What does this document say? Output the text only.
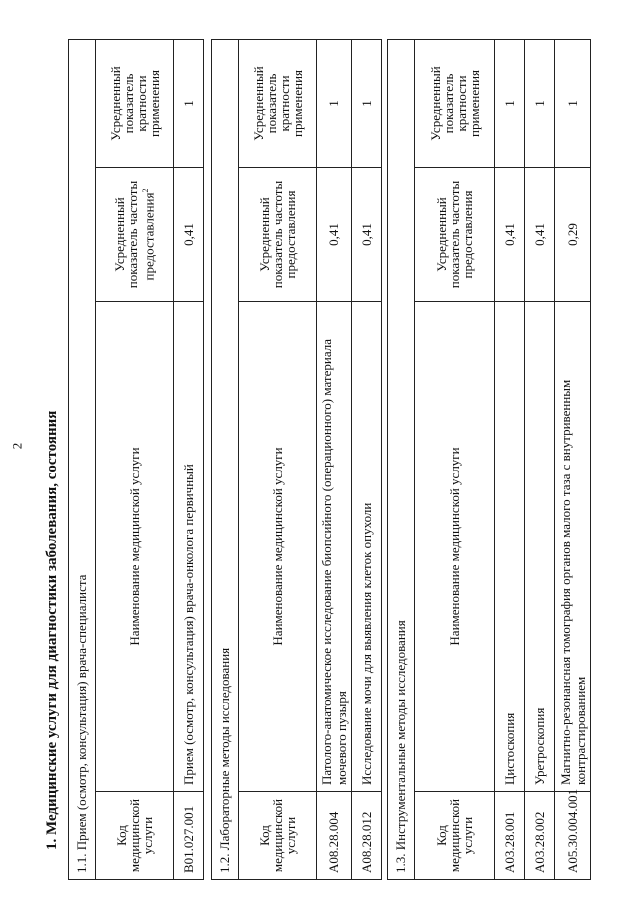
2 1. Медицинские услуги для диагностики заболевания, состояния 1.1. Прием (осмотр, консультация) врача-специалиста			
Код медицинской услуги	Наименование медицинской услуги	Усредненный показатель частоты предоставления$^2$	Усредненный показатель кратности применения
B01.027.001	Прием (осмотр, консультация) врача-онколога первичный	0,41	1
1.2. Лабораторные методы исследования			
Код медицинской услуги	Наименование медицинской услуги	Усредненный показатель частоты предоставления	Усредненный показатель кратности применения
A08.28.004	Патолого-анатомическое исследование биопсийного (операционного) материала мочевого пузыря	0,41	1
A08.28.012	Исследование мочи для выявления клеток опухоли	0,41	1
1.3. Инструментальные методы исследования			
Код медицинской услуги	Наименование медицинской услуги	Усредненный показатель частоты предоставления	Усредненный показатель кратности применения
A03.28.001	Цистоскопия	0,41	1
A03.28.002	Уретроскопия	0,41	1
A05.30.004.001	Магнитно-резонансная томография органов малого таза с внутривенным контрастированием	0,29	1
